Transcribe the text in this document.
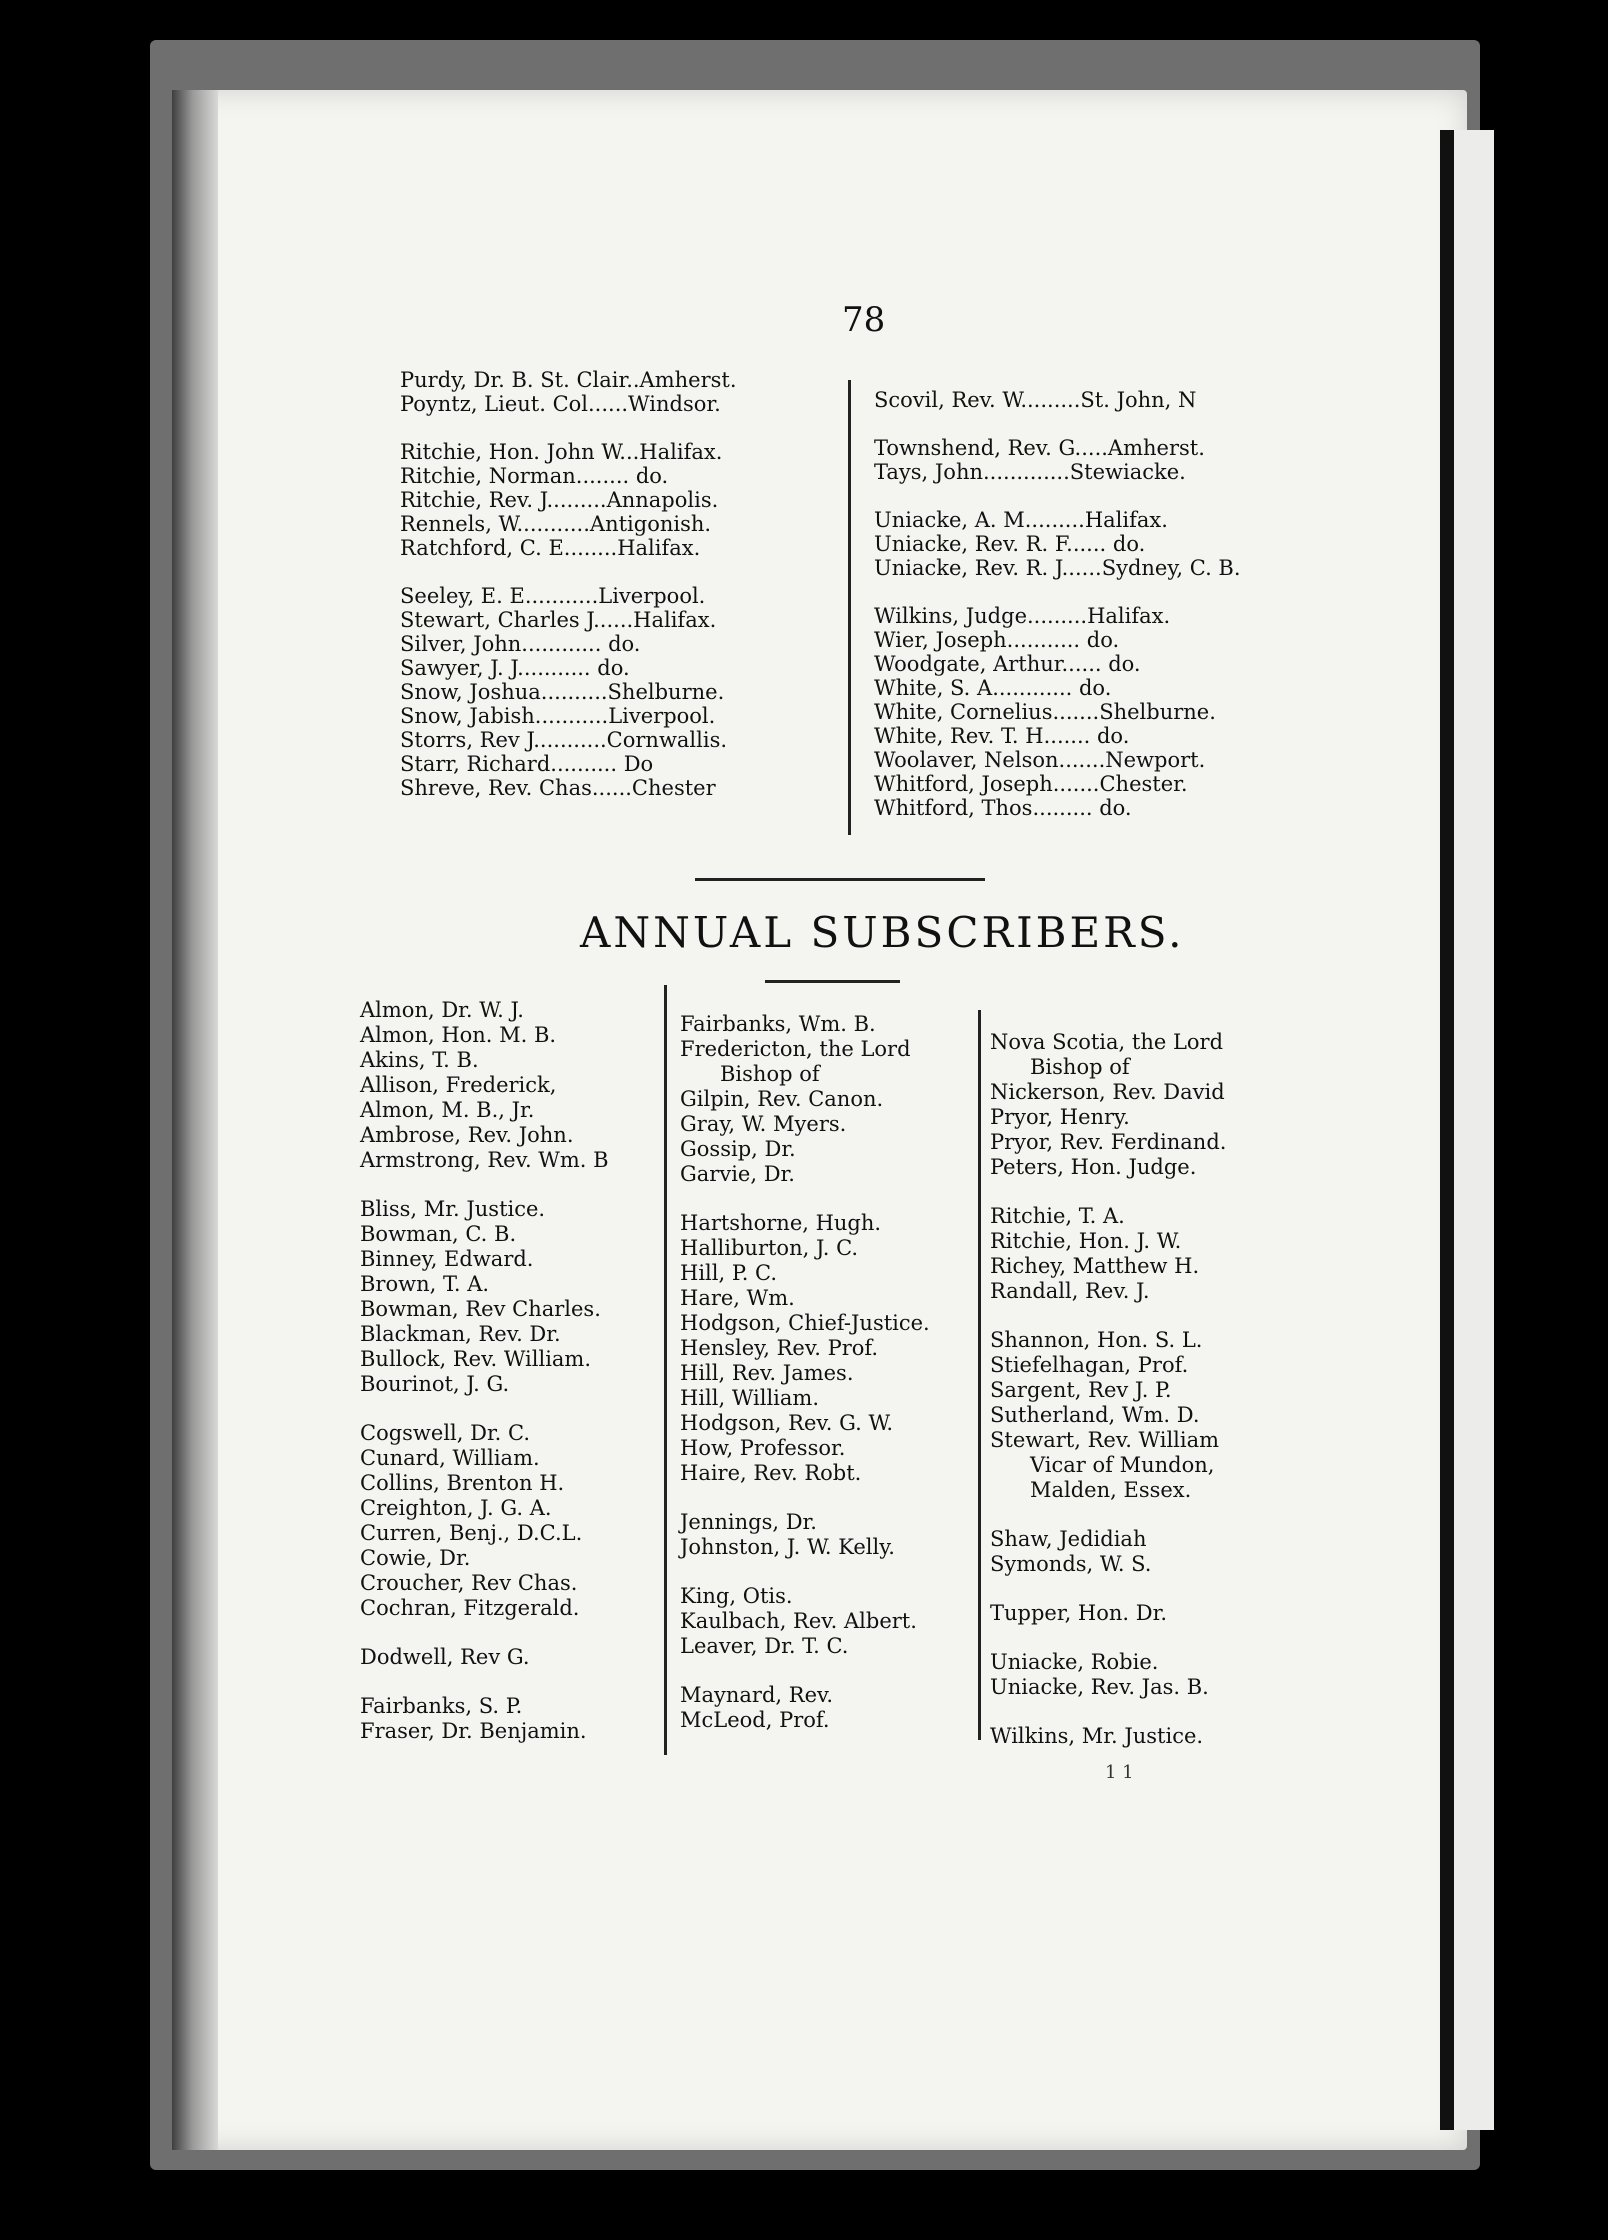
78
Purdy, Dr. B. St. Clair..Amherst.
Poyntz, Lieut. Col......Windsor.
Ritchie, Hon. John W...Halifax.
Ritchie, Norman........ do.
Ritchie, Rev. J.........Annapolis.
Rennels, W...........Antigonish.
Ratchford, C. E........Halifax.
Seeley, E. E...........Liverpool.
Stewart, Charles J......Halifax.
Silver, John............ do.
Sawyer, J. J........... do.
Snow, Joshua..........Shelburne.
Snow, Jabish...........Liverpool.
Storrs, Rev J...........Cornwallis.
Starr, Richard.......... Do
Shreve, Rev. Chas......Chester
Scovil, Rev. W.........St. John, N
Townshend, Rev. G.....Amherst.
Tays, John.............Stewiacke.
Uniacke, A. M.........Halifax.
Uniacke, Rev. R. F...... do.
Uniacke, Rev. R. J......Sydney, C. B.
Wilkins, Judge.........Halifax.
Wier, Joseph........... do.
Woodgate, Arthur...... do.
White, S. A............ do.
White, Cornelius.......Shelburne.
White, Rev. T. H....... do.
Woolaver, Nelson.......Newport.
Whitford, Joseph.......Chester.
Whitford, Thos......... do.
ANNUAL SUBSCRIBERS.
Almon, Dr. W. J.
Almon, Hon. M. B.
Akins, T. B.
Allison, Frederick,
Almon, M. B., Jr.
Ambrose, Rev. John.
Armstrong, Rev. Wm. B
Bliss, Mr. Justice.
Bowman, C. B.
Binney, Edward.
Brown, T. A.
Bowman, Rev Charles.
Blackman, Rev. Dr.
Bullock, Rev. William.
Bourinot, J. G.
Cogswell, Dr. C.
Cunard, William.
Collins, Brenton H.
Creighton, J. G. A.
Curren, Benj., D.C.L.
Cowie, Dr.
Croucher, Rev Chas.
Cochran, Fitzgerald.
Dodwell, Rev G.
Fairbanks, S. P.
Fraser, Dr. Benjamin.
Fairbanks, Wm. B.
Fredericton, the Lord
Bishop of
Gilpin, Rev. Canon.
Gray, W. Myers.
Gossip, Dr.
Garvie, Dr.
Hartshorne, Hugh.
Halliburton, J. C.
Hill, P. C.
Hare, Wm.
Hodgson, Chief-Justice.
Hensley, Rev. Prof.
Hill, Rev. James.
Hill, William.
Hodgson, Rev. G. W.
How, Professor.
Haire, Rev. Robt.
Jennings, Dr.
Johnston, J. W. Kelly.
King, Otis.
Kaulbach, Rev. Albert.
Leaver, Dr. T. C.
Maynard, Rev.
McLeod, Prof.
Nova Scotia, the Lord
Bishop of
Nickerson, Rev. David
Pryor, Henry.
Pryor, Rev. Ferdinand.
Peters, Hon. Judge.
Ritchie, T. A.
Ritchie, Hon. J. W.
Richey, Matthew H.
Randall, Rev. J.
Shannon, Hon. S. L.
Stiefelhagan, Prof.
Sargent, Rev J. P.
Sutherland, Wm. D.
Stewart, Rev. William
Vicar of Mundon,
Malden, Essex.
Shaw, Jedidiah
Symonds, W. S.
Tupper, Hon. Dr.
Uniacke, Robie.
Uniacke, Rev. Jas. B.
Wilkins, Mr. Justice.
1 1
